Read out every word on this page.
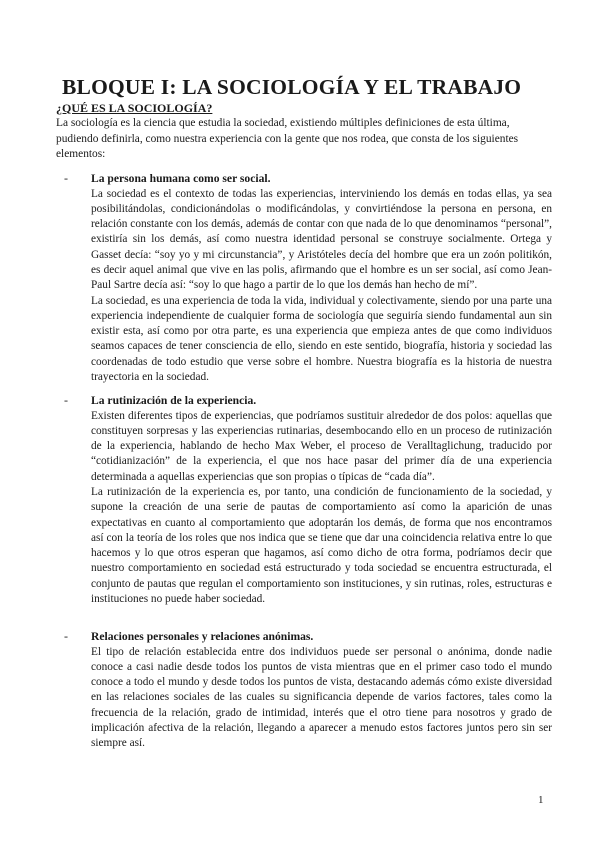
BLOQUE I: LA SOCIOLOGÍA Y EL TRABAJO
¿QUÉ ES LA SOCIOLOGÍA?

La sociología es la ciencia que estudia la sociedad, existiendo múltiples definiciones de esta última, pudiendo definirla, como nuestra experiencia con la gente que nos rodea, que consta de los siguientes elementos:

- La persona humana como ser social.

La sociedad es el contexto de todas las experiencias, interviniendo los demás en todas ellas, ya sea posibilitándolas, condicionándolas o modificándolas, y convirtiéndose la persona en persona, en relación constante con los demás, además de contar con que nada de lo que denominamos “personal”, existiría sin los demás, así como nuestra identidad personal se construye socialmente. Ortega y Gasset decía: “soy yo y mi circunstancia”, y Aristóteles decía del hombre que era un zoón politikón, es decir aquel animal que vive en las polis, afirmando que el hombre es un ser social, así como Jean-Paul Sartre decía así: “soy lo que hago a partir de lo que los demás han hecho de mí”.

La sociedad, es una experiencia de toda la vida, individual y colectivamente, siendo por una parte una experiencia independiente de cualquier forma de sociología que seguiría siendo fundamental aun sin existir esta, así como por otra parte, es una experiencia que empieza antes de que como individuos seamos capaces de tener consciencia de ello, siendo en este sentido, biografía, historia y sociedad las coordenadas de todo estudio que verse sobre el hombre. Nuestra biografía es la historia de nuestra trayectoria en la sociedad.

- La rutinización de la experiencia.

Existen diferentes tipos de experiencias, que podríamos sustituir alrededor de dos polos: aquellas que constituyen sorpresas y las experiencias rutinarias, desembocando ello en un proceso de rutinización de la experiencia, hablando de hecho Max Weber, el proceso de Veralltaglichung, traducido por “cotidianización” de la experiencia, el que nos hace pasar del primer día de una experiencia determinada a aquellas experiencias que son propias o típicas de “cada día”.

La rutinización de la experiencia es, por tanto, una condición de funcionamiento de la sociedad, y supone la creación de una serie de pautas de comportamiento así como la aparición de unas expectativas en cuanto al comportamiento que adoptarán los demás, de forma que nos encontramos así con la teoría de los roles que nos indica que se tiene que dar una coincidencia relativa entre lo que hacemos y lo que otros esperan que hagamos, así como dicho de otra forma, podríamos decir que nuestro comportamiento en sociedad está estructurado y toda sociedad se encuentra estructurada, el conjunto de pautas que regulan el comportamiento son instituciones, y sin rutinas, roles, estructuras e instituciones no puede haber sociedad.

- Relaciones personales y relaciones anónimas.

El tipo de relación establecida entre dos individuos puede ser personal o anónima, donde nadie conoce a casi nadie desde todos los puntos de vista mientras que en el primer caso todo el mundo conoce a todo el mundo y desde todos los puntos de vista, destacando además cómo existe diversidad en las relaciones sociales de las cuales su significancia depende de varios factores, tales como la frecuencia de la relación, grado de intimidad, interés que el otro tiene para nosotros y grado de implicación afectiva de la relación, llegando a aparecer a menudo estos factores juntos pero sin ser siempre así.

1
